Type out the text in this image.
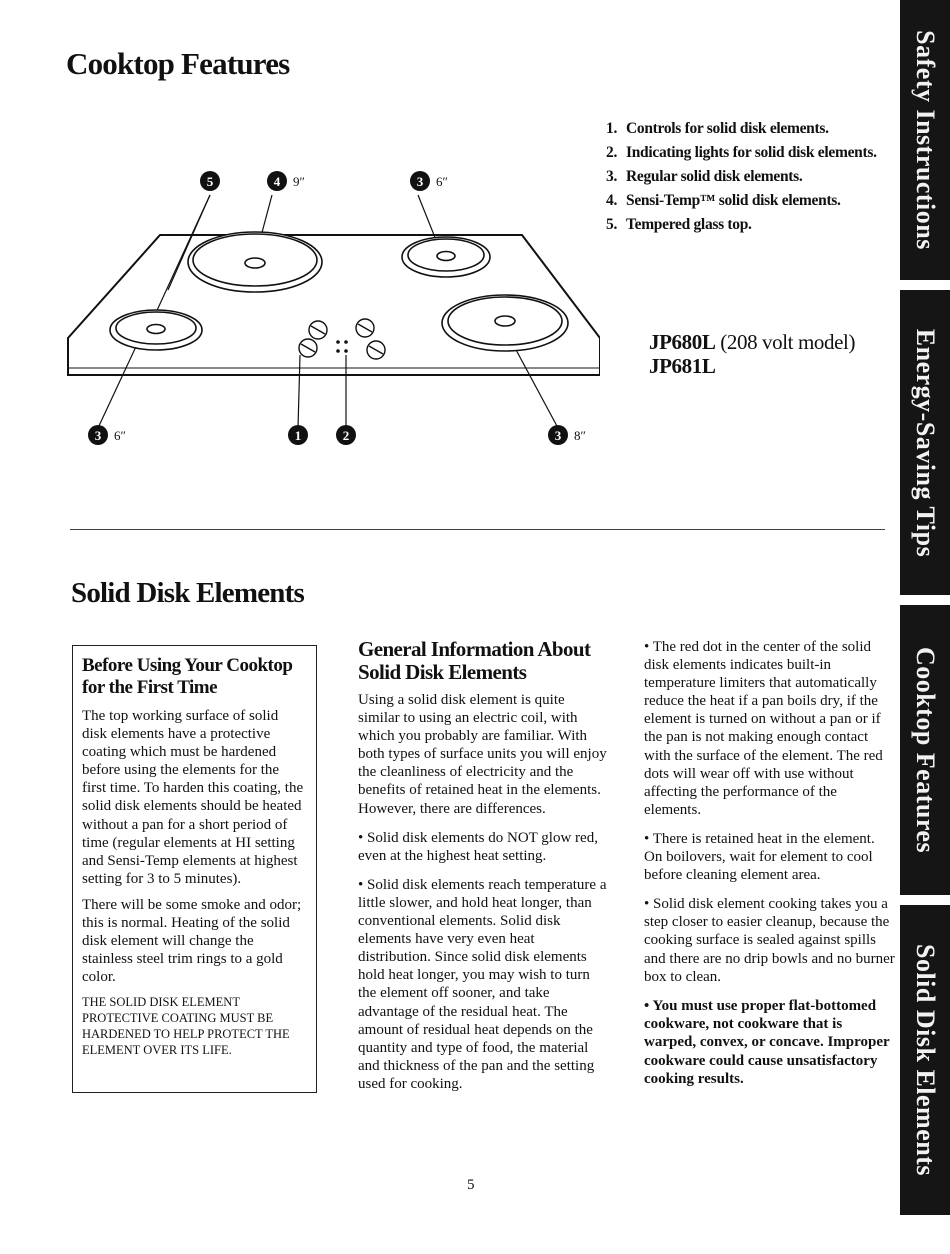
Cooktop Features
1. Controls for solid disk elements.
2. Indicating lights for solid disk elements.
3. Regular solid disk elements.
4. Sensi-Temp™ solid disk elements.
5. Tempered glass top.
JP680L (208 volt model)
JP681L
5	4 9″	3 6″
3 6″	1	2	3 8″
Solid Disk Elements
Before Using Your Cooktop for the First Time

The top working surface of solid disk elements have a protective coating which must be hardened before using the elements for the first time. To harden this coating, the solid disk elements should be heated without a pan for a short period of time (regular elements at HI setting and Sensi-Temp elements at highest setting for 3 to 5 minutes).

There will be some smoke and odor; this is normal. Heating of the solid disk element will change the stainless steel trim rings to a gold color.

THE SOLID DISK ELEMENT PROTECTIVE COATING MUST BE HARDENED TO HELP PROTECT THE ELEMENT OVER ITS LIFE.

General Information About Solid Disk Elements

Using a solid disk element is quite similar to using an electric coil, with which you probably are familiar. With both types of surface units you will enjoy the cleanliness of electricity and the benefits of retained heat in the elements. However, there are differences.

• Solid disk elements do NOT glow red, even at the highest heat setting.

• Solid disk elements reach temperature a little slower, and hold heat longer, than conventional elements. Solid disk elements have very even heat distribution. Since solid disk elements hold heat longer, you may wish to turn the element off sooner, and take advantage of the residual heat. The amount of residual heat depends on the quantity and type of food, the material and thickness of the pan and the setting used for cooking.

• The red dot in the center of the solid disk elements indicates built-in temperature limiters that automatically reduce the heat if a pan boils dry, if the element is turned on without a pan or if the pan is not making enough contact with the surface of the element. The red dots will wear off with use without affecting the performance of the elements.

• There is retained heat in the element. On boilovers, wait for element to cool before cleaning element area.

• Solid disk element cooking takes you a step closer to easier cleanup, because the cooking surface is sealed against spills and there are no drip bowls and no burner box to clean.

• You must use proper flat-bottomed cookware, not cookware that is warped, convex, or concave. Improper cookware could cause unsatisfactory cooking results.

5
Safety Instructions
Energy-Saving Tips
Cooktop Features
Solid Disk Elements
